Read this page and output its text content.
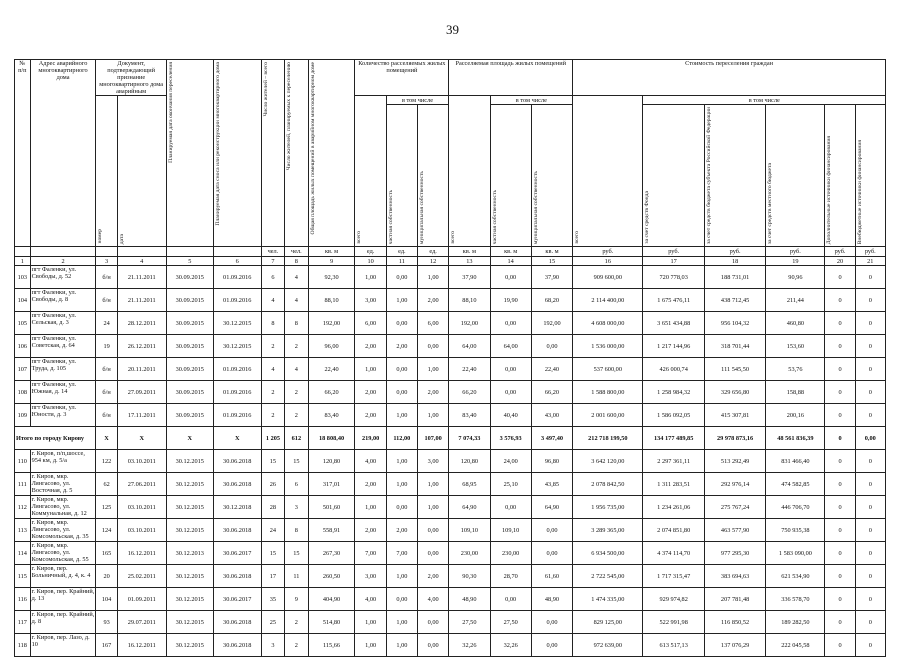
39
№ п/п	Адрес аварийного многоквартирного дома	Документ, подтверждающий признание многоквартирного дома аварийным		Планируемая дата окончания переселения	Планируемая дата сноса или реконструкции многоквартирного дома	Число жителей – всего	Число жителей, планируемых к переселению	Общая площадь жилых помещений в аварийном многоквартирном доме	Количество расселяемых жилых помещений			Расселяемая площадь жилых помещений			Стоимость переселения граждан					

		номер	дата						всего	в том числе		всего	в том числе		всего	в том числе				

										частная собственность	муниципальная собственность		частная собственность	муниципальная собственность		за счет средств Фонда	за счет средств бюджета субъекта Российской Федерации	за счет средств местного бюджета	Дополнительные источники финансирования	Внебюджетные источники финансирования

						чел.	чел.	кв. м	ед.	ед.	ед.	кв. м	кв. м	кв. м	руб.	руб.	руб.	руб.	руб.	руб.
1	2	3	4	5	6	7	8	9	10	11	12	13	14	15	16	17	18	19	20	21
103	пгт Фаленки, ул. Свободы, д. 52	б/н	21.11.2011	30.09.2015	01.09.2016	6	4	92,30	1,00	0,00	1,00	37,90	0,00	37,90	909 600,00	720 778,03	188 731,01	90,96	0	0
104	пгт Фаленки, ул. Свободы, д. 8	б/н	21.11.2011	30.09.2015	01.09.2016	4	4	88,10	3,00	1,00	2,00	88,10	19,90	68,20	2 114 400,00	1 675 476,11	438 712,45	211,44	0	0
105	пгт Фаленки, ул. Сельская, д. 3	24	28.12.2011	30.09.2015	30.12.2015	8	8	192,00	6,00	0,00	6,00	192,00	0,00	192,00	4 608 000,00	3 651 434,88	956 104,32	460,80	0	0
106	пгт Фаленки, ул. Советская, д. 64	19	26.12.2011	30.09.2015	30.12.2015	2	2	96,00	2,00	2,00	0,00	64,00	64,00	0,00	1 536 000,00	1 217 144,96	318 701,44	153,60	0	0
107	пгт Фаленки, ул. Труда, д. 105	б/н	20.11.2011	30.09.2015	01.09.2016	4	4	22,40	1,00	0,00	1,00	22,40	0,00	22,40	537 600,00	426 000,74	111 545,50	53,76	0	0
108	пгт Фаленки, ул. Южная, д. 14	б/н	27.09.2011	30.09.2015	01.09.2016	2	2	66,20	2,00	0,00	2,00	66,20	0,00	66,20	1 588 800,00	1 258 984,32	329 656,80	158,88	0	0
109	пгт Фаленки, ул. Юности, д. 3	б/н	17.11.2011	30.09.2015	01.09.2016	2	2	83,40	2,00	1,00	1,00	83,40	40,40	43,00	2 001 600,00	1 586 092,05	415 307,81	200,16	0	0
Итого по городу Кирову		Х	Х	Х	Х	1 205	612	18 808,40	219,00	112,00	107,00	7 074,33	3 576,93	3 497,40	212 718 199,50	134 177 489,85	29 978 873,16	48 561 836,39	0	0,00
110	г. Киров, п/п,шоссе, 954 км, д. 5/а	122	03.10.2011	30.12.2015	30.06.2018	15	15	120,80	4,00	1,00	3,00	120,80	24,00	96,80	3 642 120,00	2 297 361,11	513 292,49	831 466,40	0	0
111	г. Киров, мкр. Лянгасово, ул. Восточная, д. 5	62	27.06.2011	30.12.2015	30.06.2018	26	6	317,01	2,00	1,00	1,00	68,95	25,10	43,85	2 078 842,50	1 311 283,51	292 976,14	474 582,85	0	0
112	г. Киров, мкр. Лянгасово, ул. Коммунальная, д. 12	125	03.10.2011	30.12.2015	30.12.2018	28	3	501,60	1,00	0,00	1,00	64,90	0,00	64,90	1 956 735,00	1 234 261,06	275 767,24	446 706,70	0	0
113	г. Киров, мкр. Лянгасово, ул. Комсомольская, д. 35	124	03.10.2011	30.12.2015	30.06.2018	24	8	558,91	2,00	2,00	0,00	109,10	109,10	0,00	3 289 365,00	2 074 851,80	463 577,90	750 935,38	0	0
114	г. Киров, мкр. Лянгасово, ул. Комсомольская, д. 55	165	16.12.2011	30.12.2013	30.06.2017	15	15	267,30	7,00	7,00	0,00	230,00	230,00	0,00	6 934 500,00	4 374 114,70	977 295,30	1 583 090,00	0	0
115	г. Киров, пер. Больничный, д. 4, к. 4	20	25.02.2011	30.12.2015	30.06.2018	17	11	260,50	3,00	1,00	2,00	90,30	28,70	61,60	2 722 545,00	1 717 315,47	383 694,63	621 534,90	0	0
116	г. Киров, пер. Крайний, д. 13	104	01.09.2011	30.12.2015	30.06.2017	35	9	404,90	4,00	0,00	4,00	48,90	0,00	48,90	1 474 335,00	929 974,82	207 781,48	336 578,70	0	0
117	г. Киров, пер. Крайний, д. 8	93	29.07.2011	30.12.2015	30.06.2018	25	2	514,80	1,00	1,00	0,00	27,50	27,50	0,00	829 125,00	522 991,98	116 850,52	189 282,50	0	0
118	г. Киров, пер. Лазо, д. 10	167	16.12.2011	30.12.2015	30.06.2018	3	2	115,66	1,00	1,00	0,00	32,26	32,26	0,00	972 639,00	613 517,13	137 076,29	222 045,58	0	0
